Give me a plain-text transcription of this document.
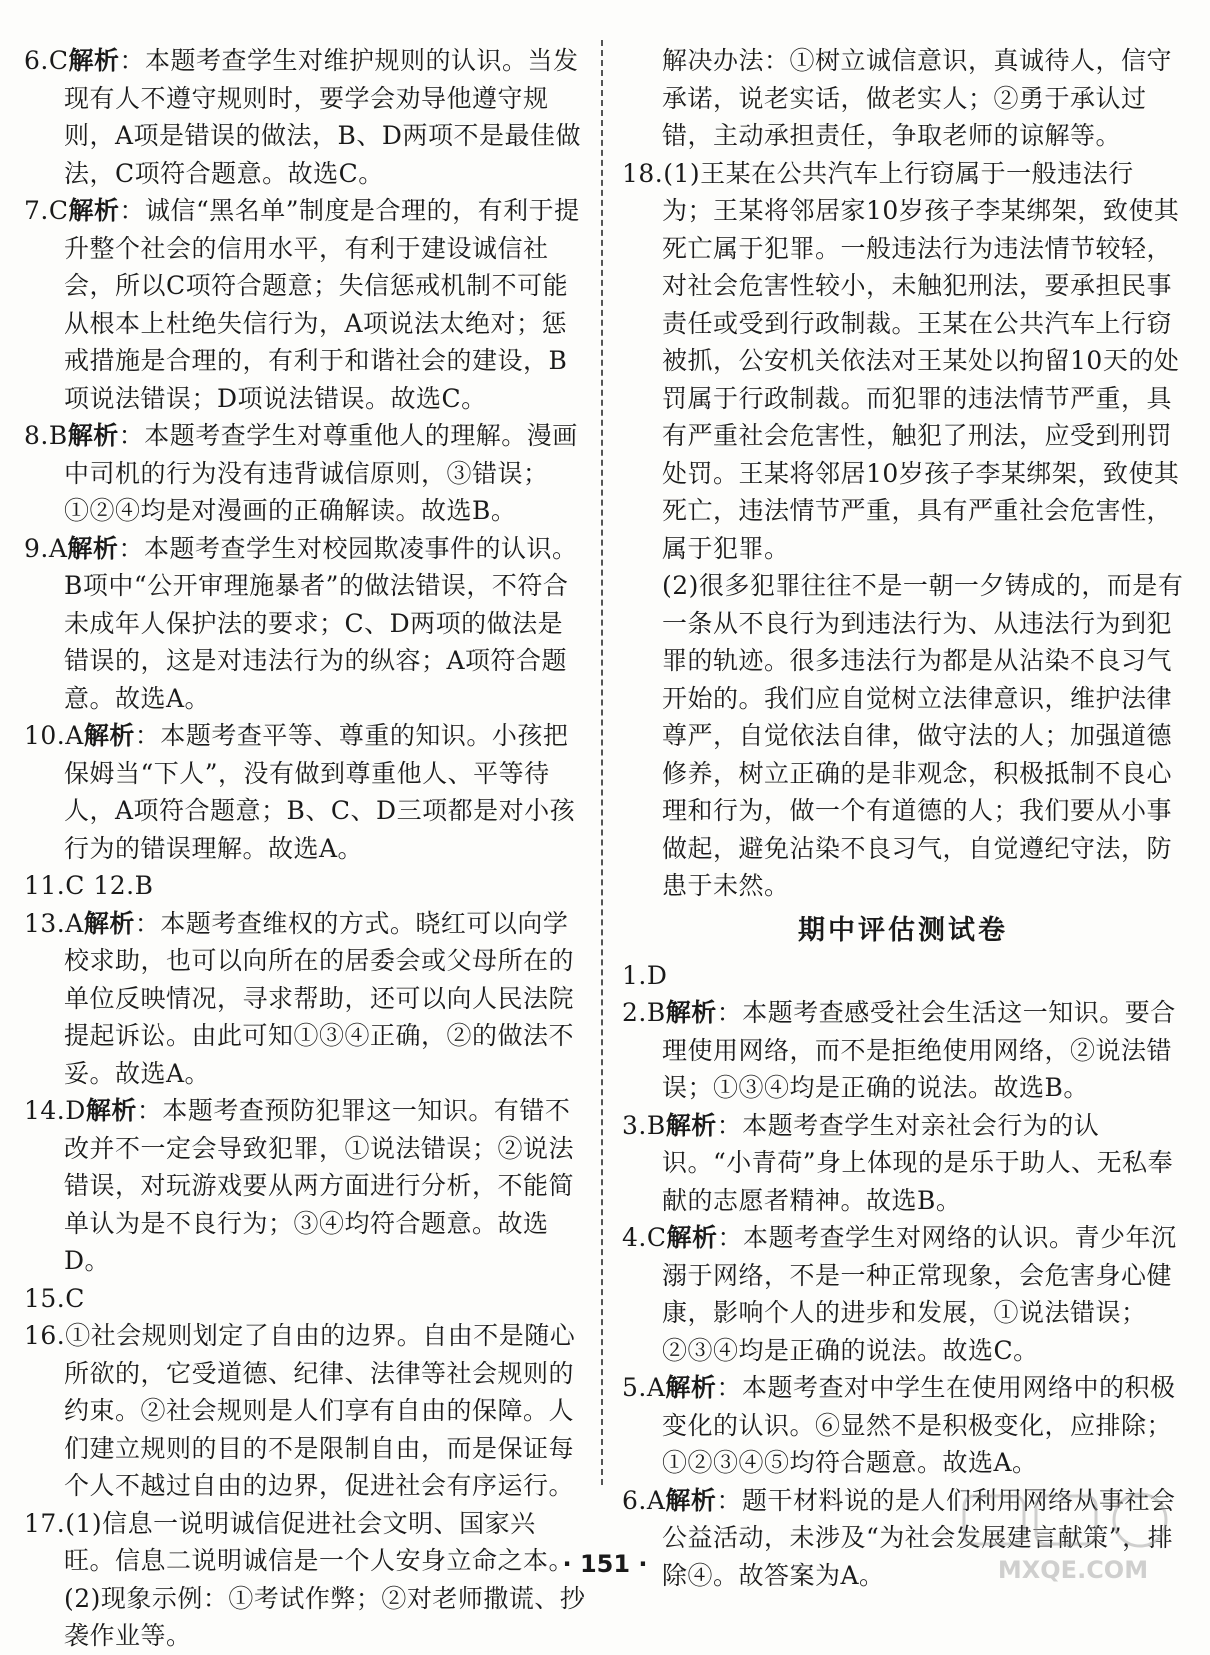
6.C解析：本题考查学生对维护规则的认识。当发现有人不遵守规则时，要学会劝导他遵守规则，A项是错误的做法，B、D两项不是最佳做法，C项符合题意。故选C。

7.C解析：诚信“黑名单”制度是合理的，有利于提升整个社会的信用水平，有利于建设诚信社会，所以C项符合题意；失信惩戒机制不可能从根本上杜绝失信行为，A项说法太绝对；惩戒措施是合理的，有利于和谐社会的建设，B项说法错误；D项说法错误。故选C。

8.B解析：本题考查学生对尊重他人的理解。漫画中司机的行为没有违背诚信原则，③错误；①②④均是对漫画的正确解读。故选B。

9.A解析：本题考查学生对校园欺凌事件的认识。B项中“公开审理施暴者”的做法错误，不符合未成年人保护法的要求；C、D两项的做法是错误的，这是对违法行为的纵容；A项符合题意。故选A。

10.A解析：本题考查平等、尊重的知识。小孩把保姆当“下人”，没有做到尊重他人、平等待人，A项符合题意；B、C、D三项都是对小孩行为的错误理解。故选A。

11.C 12.B

13.A解析：本题考查维权的方式。晓红可以向学校求助，也可以向所在的居委会或父母所在的单位反映情况，寻求帮助，还可以向人民法院提起诉讼。由此可知①③④正确，②的做法不妥。故选A。

14.D解析：本题考查预防犯罪这一知识。有错不改并不一定会导致犯罪，①说法错误；②说法错误，对玩游戏要从两方面进行分析，不能简单认为是不良行为；③④均符合题意。故选D。

15.C

16.①社会规则划定了自由的边界。自由不是随心所欲的，它受道德、纪律、法律等社会规则的约束。②社会规则是人们享有自由的保障。人们建立规则的目的不是限制自由，而是保证每个人不越过自由的边界，促进社会有序运行。

17.(1)信息一说明诚信促进社会文明、国家兴旺。信息二说明诚信是一个人安身立命之本。

(2)现象示例：①考试作弊；②对老师撒谎、抄袭作业等。

解决办法：①树立诚信意识，真诚待人，信守承诺，说老实话，做老实人；②勇于承认过错，主动承担责任，争取老师的谅解等。

18.(1)王某在公共汽车上行窃属于一般违法行为；王某将邻居家10岁孩子李某绑架，致使其死亡属于犯罪。一般违法行为违法情节较轻，对社会危害性较小，未触犯刑法，要承担民事责任或受到行政制裁。王某在公共汽车上行窃被抓，公安机关依法对王某处以拘留10天的处罚属于行政制裁。而犯罪的违法情节严重，具有严重社会危害性，触犯了刑法，应受到刑罚处罚。王某将邻居10岁孩子李某绑架，致使其死亡，违法情节严重，具有严重社会危害性，属于犯罪。

(2)很多犯罪往往不是一朝一夕铸成的，而是有一条从不良行为到违法行为、从违法行为到犯罪的轨迹。很多违法行为都是从沾染不良习气开始的。我们应自觉树立法律意识，维护法律尊严，自觉依法自律，做守法的人；加强道德修养，树立正确的是非观念，积极抵制不良心理和行为，做一个有道德的人；我们要从小事做起，避免沾染不良习气，自觉遵纪守法，防患于未然。

期中评估测试卷

1.D

2.B解析：本题考查感受社会生活这一知识。要合理使用网络，而不是拒绝使用网络，②说法错误；①③④均是正确的说法。故选B。

3.B解析：本题考查学生对亲社会行为的认识。“小青荷”身上体现的是乐于助人、无私奉献的志愿者精神。故选B。

4.C解析：本题考查学生对网络的认识。青少年沉溺于网络，不是一种正常现象，会危害身心健康，影响个人的进步和发展，①说法错误；②③④均是正确的说法。故选C。

5.A解析：本题考查对中学生在使用网络中的积极变化的认识。⑥显然不是积极变化，应排除；①②③④⑤均符合题意。故选A。

6.A解析：题干材料说的是人们利用网络从事社会公益活动，未涉及“为社会发展建言献策”，排除④。故答案为A。

· 151 ·	MXQE.COM
